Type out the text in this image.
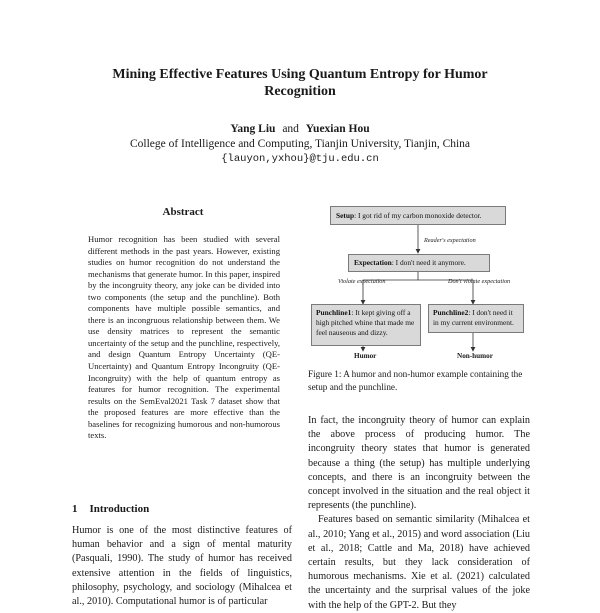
Mining Effective Features Using Quantum Entropy for Humor
Recognition
Yang Liu and Yuexian Hou
College of Intelligence and Computing, Tianjin University, Tianjin, China
{lauyon,yxhou}@tju.edu.cn
Abstract
Humor recognition has been studied with several different methods in the past years. However, existing studies on humor recognition do not understand the mechanisms that generate humor. In this paper, inspired by the incongruity theory, any joke can be divided into two components (the setup and the punchline). Both components have multiple possible semantics, and there is an incongruous relationship between them. We use density matrices to represent the semantic uncertainty of the setup and the punchline, respectively, and design Quantum Entropy Uncertainty (QE-Uncertainty) and Quantum Entropy Incongruity (QE-Incongruity) with the help of quantum entropy as features for humor recognition. The experimental results on the SemEval2021 Task 7 dataset show that the proposed features are more effective than the baselines for recognizing humorous and non-humorous texts.
1 Introduction
Humor is one of the most distinctive features of human behavior and a sign of mental maturity (Pasquali, 1990). The study of humor has received extensive attention in the fields of linguistics, philosophy, psychology, and sociology (Mihalcea et al., 2010). Computational humor is of particular
Setup: I got rid of my carbon monoxide detector.
Reader's expectation
Expectation: I don't need it anymore.
Violate expectation	Don't violate expectation
Punchline1: It kept giving off a high pitched whine that made me feel nauseous and dizzy.
Punchline2: I don't need it in my current environment.
Humor	Non-humor
Figure 1: A humor and non-humor example containing the setup and the punchline.

In fact, the incongruity theory of humor can explain the above process of producing humor. The incongruity theory states that humor is generated because a thing (the setup) has multiple underlying concepts, and there is an incongruity between the concept involved in the situation and the real object it represents (the punchline).

Features based on semantic similarity (Mihalcea et al., 2010; Yang et al., 2015) and word association (Liu et al., 2018; Cattle and Ma, 2018) have achieved certain results, but they lack consideration of humorous mechanisms. Xie et al. (2021) calculated the uncertainty and the surprisal values of the joke with the help of the GPT-2. But they
